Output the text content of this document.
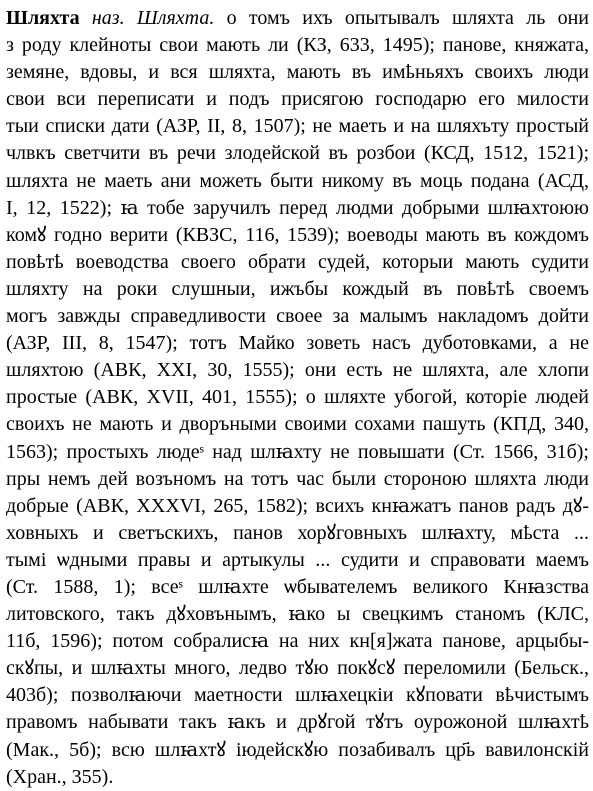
Шляхта наз. Шляхта. о томъ ихъ опытывалъ шляхта ль они
з роду клейноты свои мають ли (КЗ, 633, 1495); панове, княжата,
земяне, вдовы, и вся шляхта, мають въ имҍньяхъ своихъ люди
свои вси переписати и подъ присягою господарю его милости
тыи списки дати (АЗР, II, 8, 1507); не маеть и на шляхъту простый
члвкъ светчити въ речи злодейской въ розбои (КСД, 1512, 1521);
шляхта не маеть ани можеть быти никому въ моць подана (АСД,
I, 12, 1522); ꙗ тобе заручилъ перед людми добрыми шлꙗхтоюю
комꙋ годно верити (КВЗС, 116, 1539); воеводы мають въ кождомъ
повҍтҍ воеводства своего обрати судей, которыи мають судити
шляхту на роки слушныи, ижъбы кождый въ повҍтҍ своемъ
могъ завжды справедливости своее за малымъ накладомъ дойти
(АЗР, III, 8, 1547); тотъ Майко зоветь насъ дуботовками, а не
шляхтою (АВК, XXI, 30, 1555); они есть не шляхта, але хлопи
простые (АВК, XVII, 401, 1555); о шляхте убогой, которіе людей
своихъ не мають и дворъными своими сохами пашуть (КПД, 340,
1563); простыхъ людеˢ над шлꙗхту не повышати (Ст. 1566, 31б);
пры немъ дей возъномъ на тотъ час были стороною шляхта люди
добрые (АВК, XXXVI, 265, 1582); всихъ кнꙗжатъ панов радъ дꙋ-
ховныхъ и светъскихъ, панов хорꙋговныхъ шлꙗхту, мҍста ...
тымі ѡдными правы и артыкулы ... судити и справовати маемъ
(Ст. 1588, 1); всеˢ шлꙗхте ѡбывателемъ великого Кнꙗзства
литовского, такъ дꙋховънымъ, ꙗко ы свецкимъ станомъ (КЛС,
11б, 1596); потом собралисꙗ на них кн[я]жата панове, арцыбы-
скꙋпы, и шлꙗхты много, ледво тꙋю покꙋсꙋ переломили (Бельск.,
403б); позволꙗючи маетности шлꙗхецкіи кꙋповати вҍчистымъ
правомъ набывати такъ ꙗкъ и дрꙋгой тꙋтъ оурожоной шлꙗхтҍ
(Мак., 5б); всю шлꙗхтꙋ іюдейскꙋю позабивалъ цр҃ь вавилонскій
(Хран., 355).
